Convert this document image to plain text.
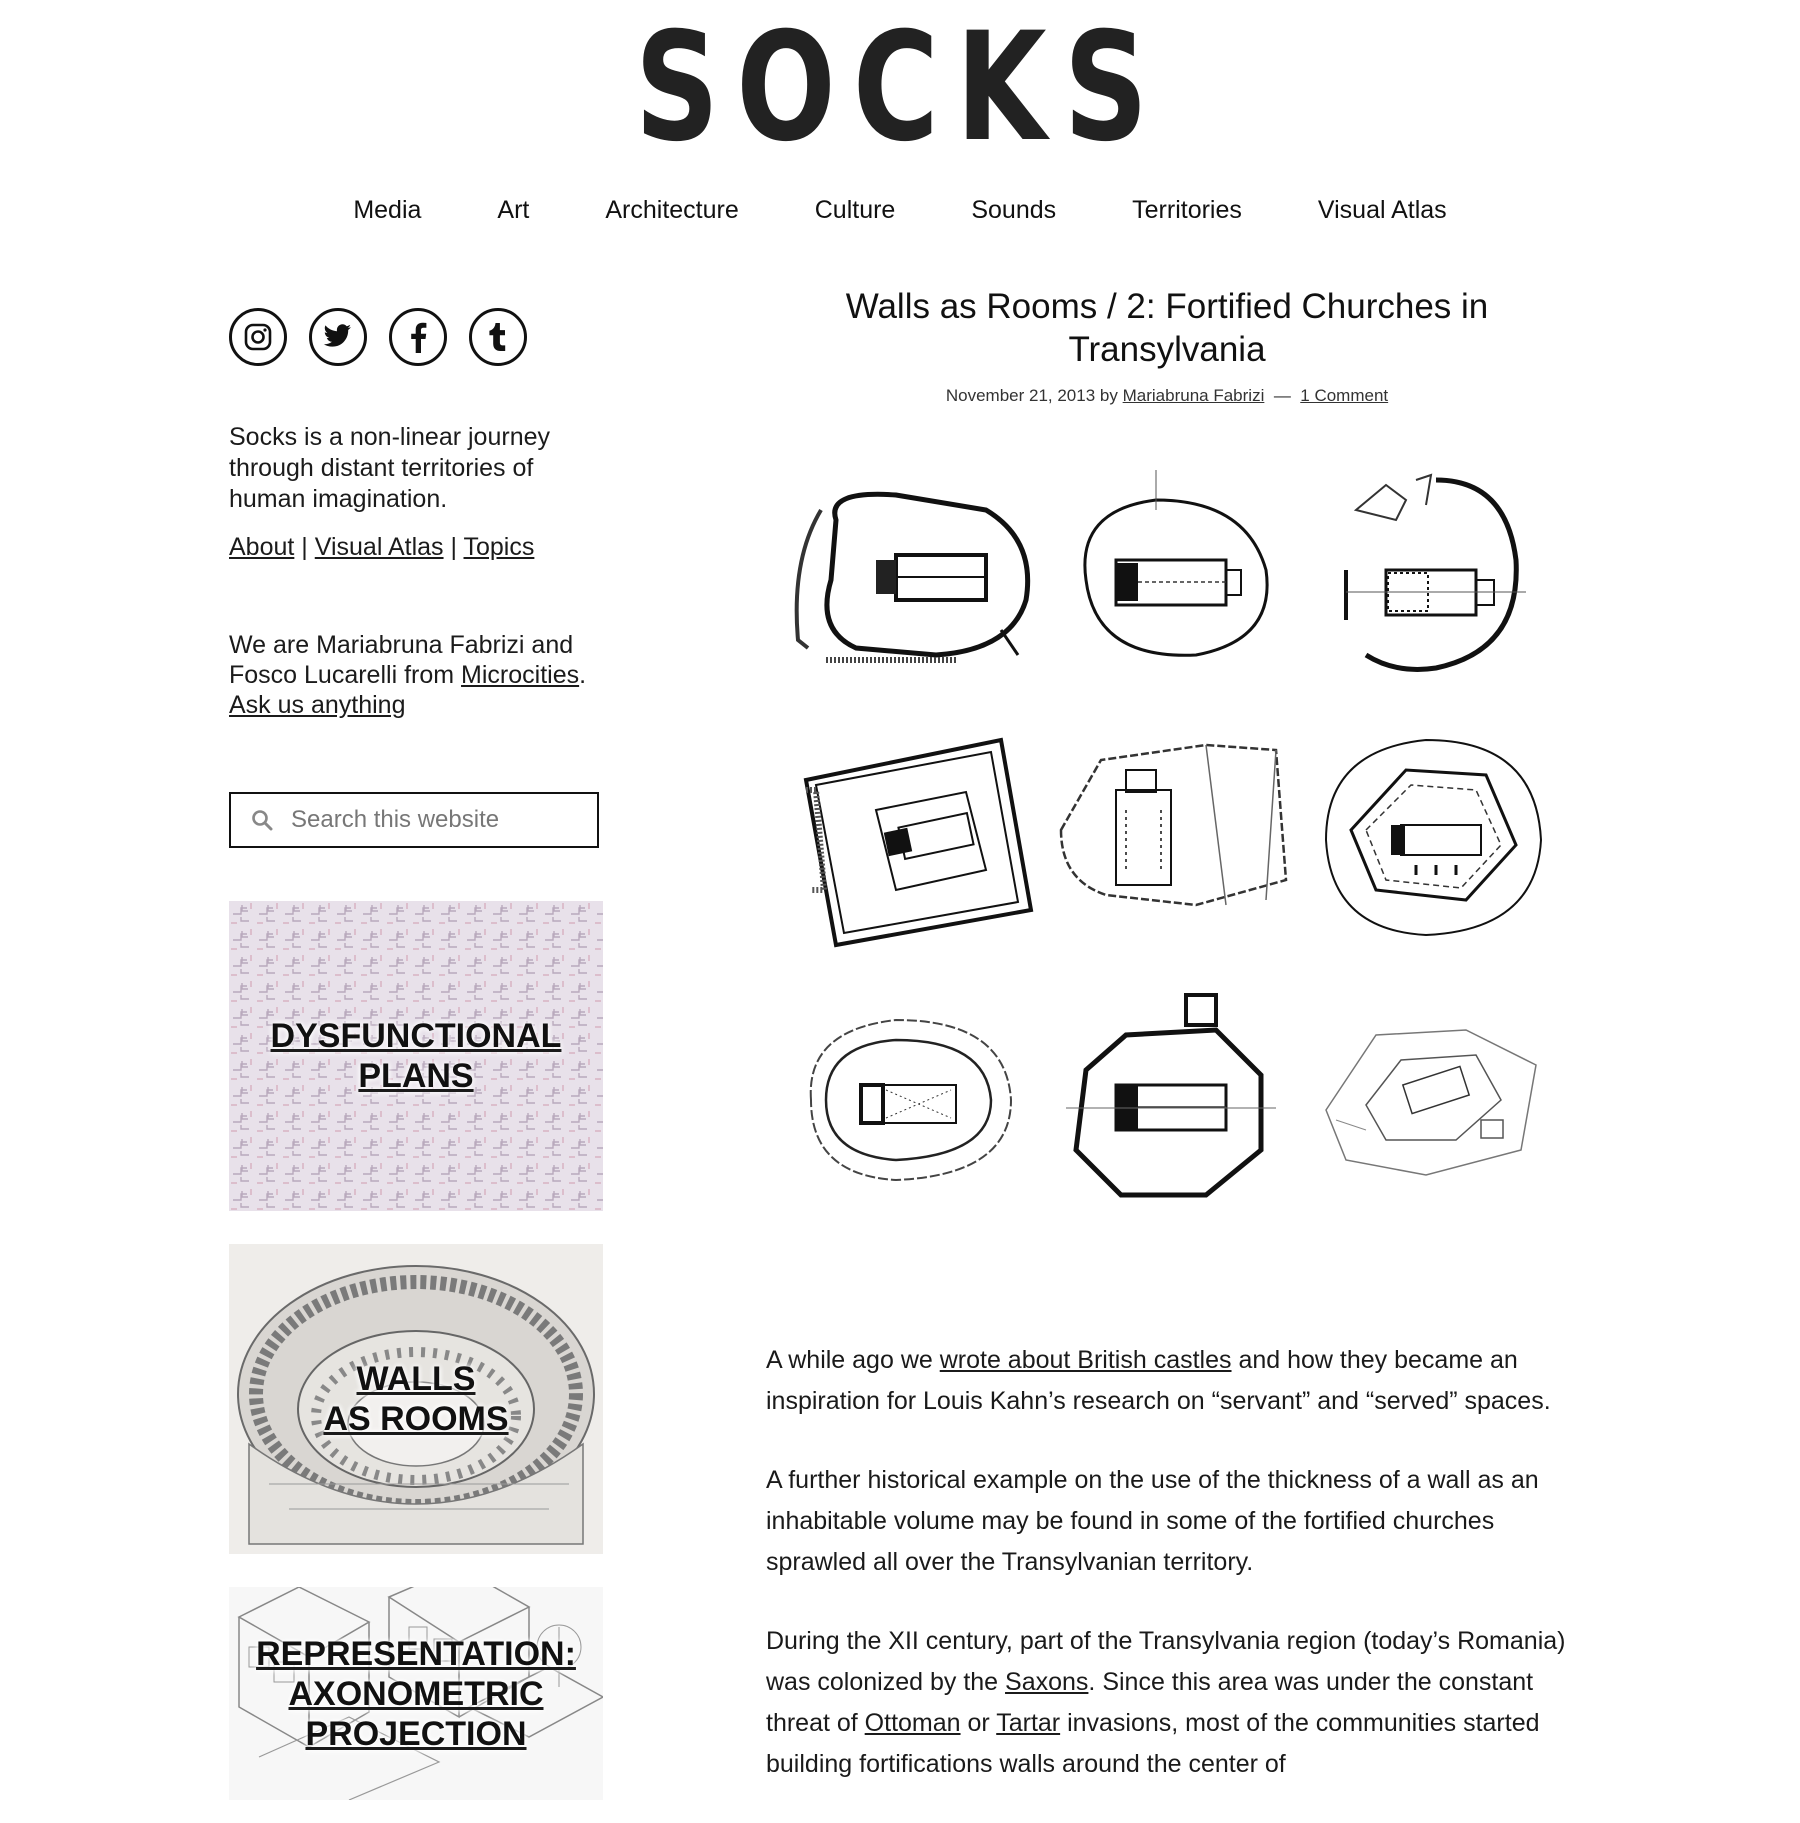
SOCKS
Media	Art	Architecture	Culture	Sounds	Territories	Visual Atlas
Socks is a non-linear journey through distant territories of human imagination.
About | Visual Atlas | Topics
We are Mariabruna Fabrizi and Fosco Lucarelli from Microcities.
Ask us anything
Search this website
DYSFUNCTIONAL
PLANS
WALLS
AS ROOMS
REPRESENTATION:
AXONOMETRIC
PROJECTION
Walls as Rooms / 2: Fortified Churches in Transylvania
November 21, 2013 by Mariabruna Fabrizi — 1 Comment

A while ago we wrote about British castles and how they became an inspiration for Louis Kahn’s research on “servant” and “served” spaces.

A further historical example on the use of the thickness of a wall as an inhabitable volume may be found in some of the fortified churches sprawled all over the Transylvanian territory.

During the XII century, part of the Transylvania region (today’s Romania) was colonized by the Saxons. Since this area was under the constant threat of Ottoman or Tartar invasions, most of the communities started building fortifications walls around the center of
